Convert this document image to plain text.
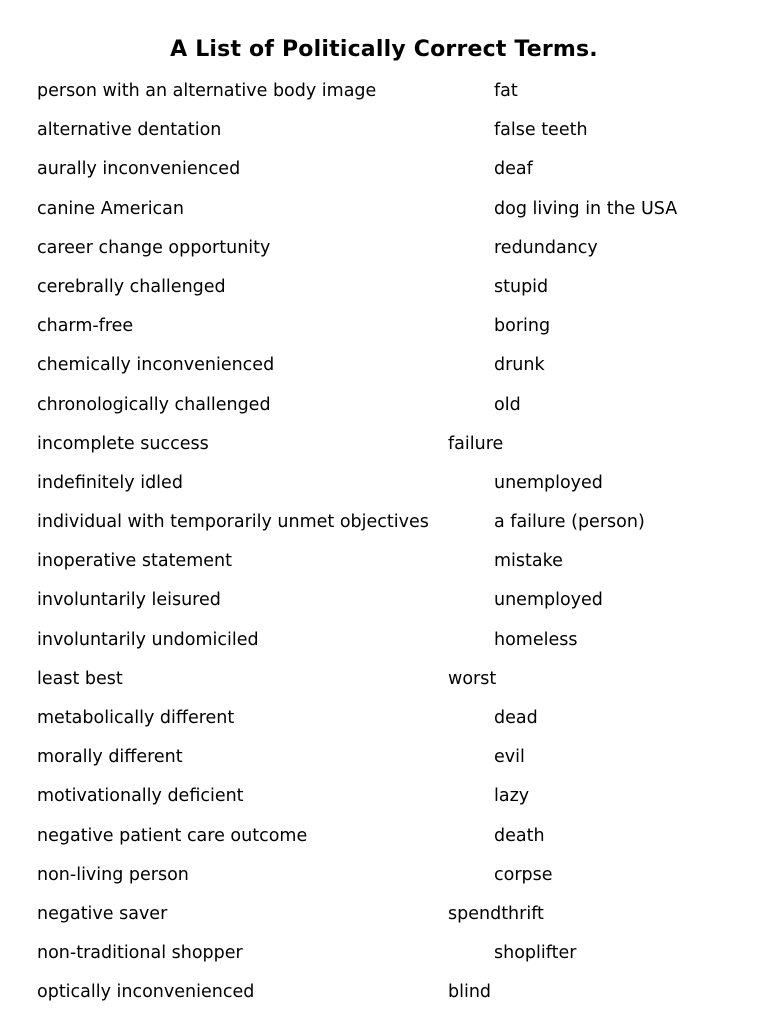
A List of Politically Correct Terms.
person with an alternative body image	fat
alternative dentation	false teeth
aurally inconvenienced	deaf
canine American	dog living in the USA
career change opportunity	redundancy
cerebrally challenged	stupid
charm-free	boring
chemically inconvenienced	drunk
chronologically challenged	old
incomplete success	failure
indefinitely idled	unemployed
individual with temporarily unmet objectives	a failure (person)
inoperative statement	mistake
involuntarily leisured	unemployed
involuntarily undomiciled	homeless
least best	worst
metabolically different	dead
morally different	evil
motivationally deficient	lazy
negative patient care outcome	death
non-living person	corpse
negative saver	spendthrift
non-traditional shopper	shoplifter
optically inconvenienced	blind
